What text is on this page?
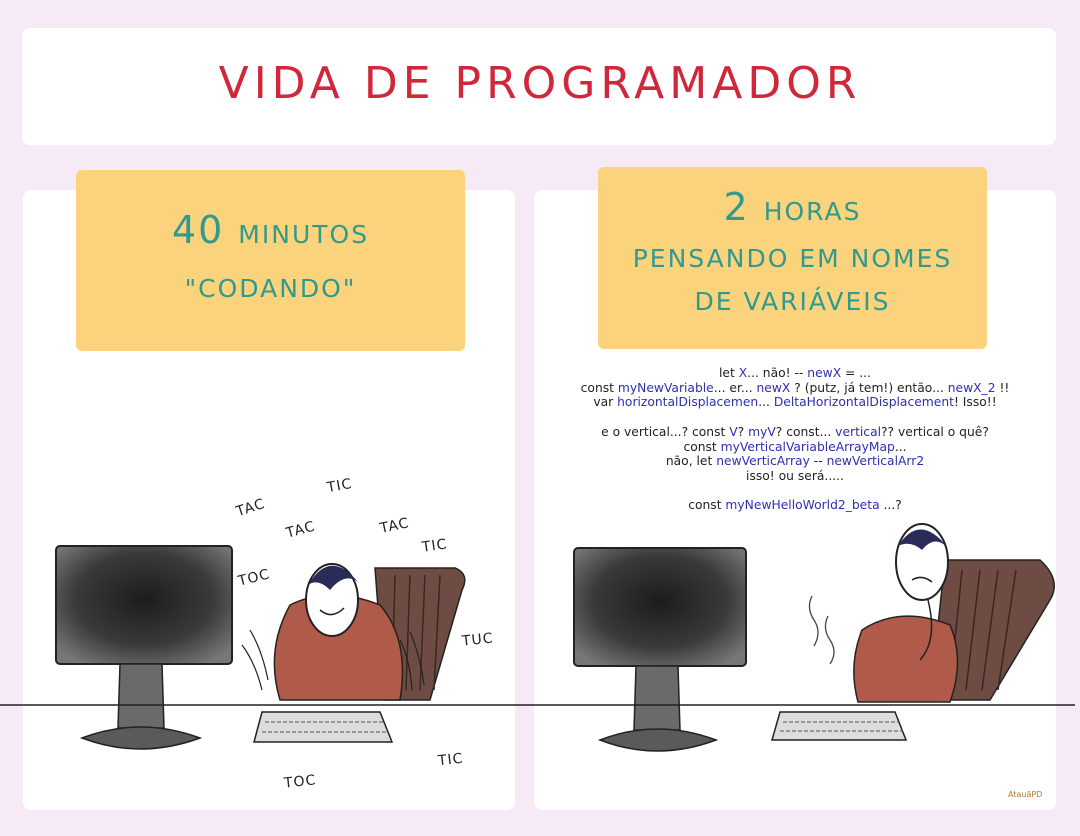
VIDA DE PROGRAMADOR
40 MINUTOS
"CODANDO"
2 HORAS
PENSANDO EM NOMES
DE VARIÁVEIS
let X... não! -- newX = ...
const myNewVariable... er... newX ? (putz, já tem!) então... newX_2 !!
var horizontalDisplacemen... DeltaHorizontalDisplacement! Isso!!
e o vertical...? const V? myV? const... vertical?? vertical o quê?
const myVerticalVariableArrayMap...
não, let newVerticArray -- newVerticalArr2
isso! ou será.....
const myNewHelloWorld2_beta ...?
TAC
TIC
TAC	TAC
TIC
TOC
TUC
TIC
TOC
AtauãPD
